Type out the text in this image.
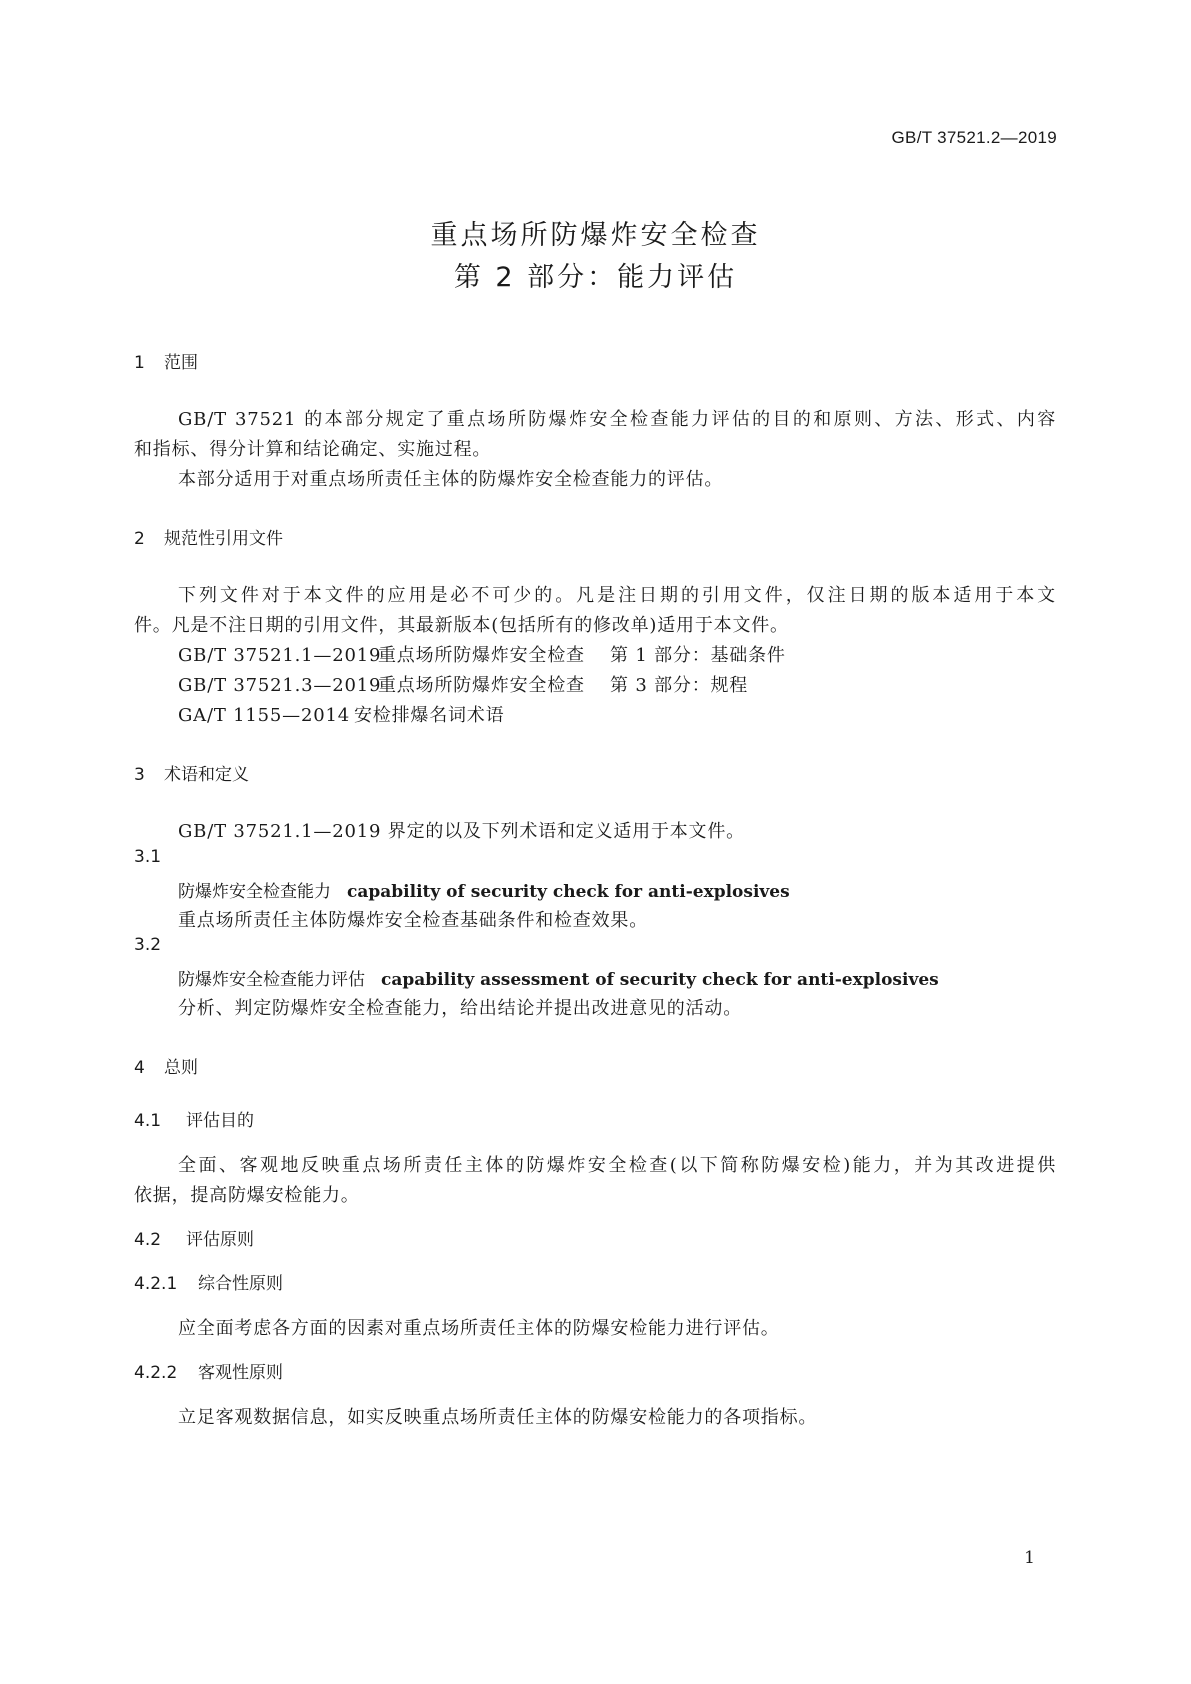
GB/T 37521.2—2019
重点场所防爆炸安全检查
第 2 部分：能力评估
1 范围
GB/T 37521 的本部分规定了重点场所防爆炸安全检查能力评估的目的和原则、方法、形式、内容
和指标、得分计算和结论确定、实施过程。
本部分适用于对重点场所责任主体的防爆炸安全检查能力的评估。
2 规范性引用文件
下列文件对于本文件的应用是必不可少的。凡是注日期的引用文件，仅注日期的版本适用于本文
件。凡是不注日期的引用文件，其最新版本(包括所有的修改单)适用于本文件。
GB/T 37521.1—2019重点场所防爆炸安全检查 第 1 部分：基础条件
GB/T 37521.3—2019重点场所防爆炸安全检查 第 3 部分：规程
GA/T 1155—2014 安检排爆名词术语
3 术语和定义
GB/T 37521.1—2019 界定的以及下列术语和定义适用于本文件。
3.1
防爆炸安全检查能力 capability of security check for anti-explosives
重点场所责任主体防爆炸安全检查基础条件和检查效果。
3.2
防爆炸安全检查能力评估 capability assessment of security check for anti-explosives
分析、判定防爆炸安全检查能力，给出结论并提出改进意见的活动。
4 总则
4.1 评估目的
全面、客观地反映重点场所责任主体的防爆炸安全检查(以下简称防爆安检)能力，并为其改进提供
依据，提高防爆安检能力。
4.2 评估原则
4.2.1 综合性原则
应全面考虑各方面的因素对重点场所责任主体的防爆安检能力进行评估。
4.2.2 客观性原则
立足客观数据信息，如实反映重点场所责任主体的防爆安检能力的各项指标。
1
